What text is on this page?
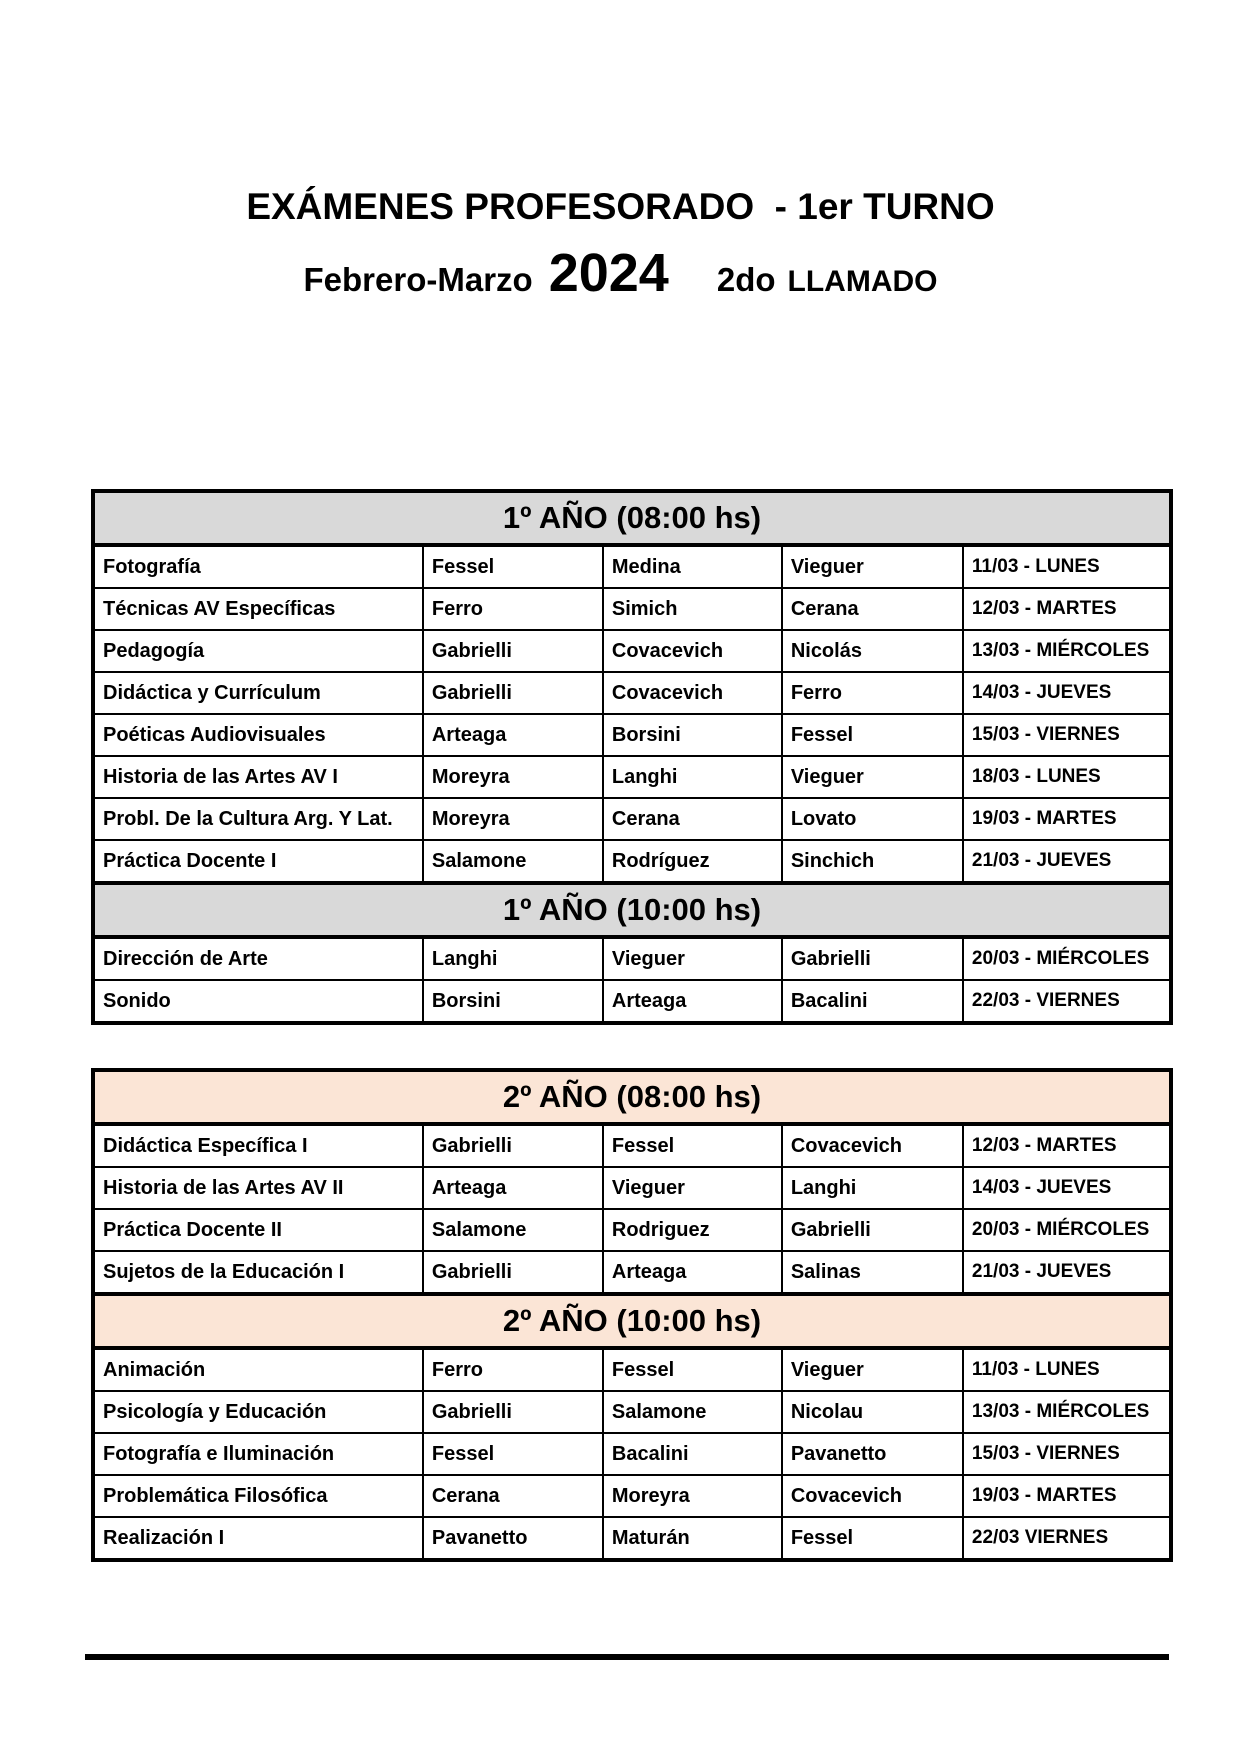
EXÁMENES PROFESORADO  - 1er TURNO
Febrero-Marzo 2024 2do LLAMADO
1º AÑO (08:00 hs)				
Fotografía	Fessel	Medina	Vieguer	11/03 - LUNES
Técnicas AV Específicas	Ferro	Simich	Cerana	12/03 - MARTES
Pedagogía	Gabrielli	Covacevich	Nicolás	13/03 - MIÉRCOLES
Didáctica y Currículum	Gabrielli	Covacevich	Ferro	14/03 - JUEVES
Poéticas Audiovisuales	Arteaga	Borsini	Fessel	15/03 - VIERNES
Historia de las Artes AV I	Moreyra	Langhi	Vieguer	18/03 - LUNES
Probl. De la Cultura Arg. Y Lat.	Moreyra	Cerana	Lovato	19/03 - MARTES
Práctica Docente I	Salamone	Rodríguez	Sinchich	21/03 - JUEVES
1º AÑO (10:00 hs)				
Dirección de Arte	Langhi	Vieguer	Gabrielli	20/03 - MIÉRCOLES
Sonido	Borsini	Arteaga	Bacalini	22/03 - VIERNES
2º AÑO (08:00 hs)				
Didáctica Específica I	Gabrielli	Fessel	Covacevich	12/03 - MARTES
Historia de las Artes AV II	Arteaga	Vieguer	Langhi	14/03 - JUEVES
Práctica Docente II	Salamone	Rodriguez	Gabrielli	20/03 - MIÉRCOLES
Sujetos de la Educación I	Gabrielli	Arteaga	Salinas	21/03 - JUEVES
2º AÑO (10:00 hs)				
Animación	Ferro	Fessel	Vieguer	11/03 - LUNES
Psicología y Educación	Gabrielli	Salamone	Nicolau	13/03 - MIÉRCOLES
Fotografía e Iluminación	Fessel	Bacalini	Pavanetto	15/03 - VIERNES
Problemática Filosófica	Cerana	Moreyra	Covacevich	19/03 - MARTES
Realización I	Pavanetto	Maturán	Fessel	22/03 VIERNES
